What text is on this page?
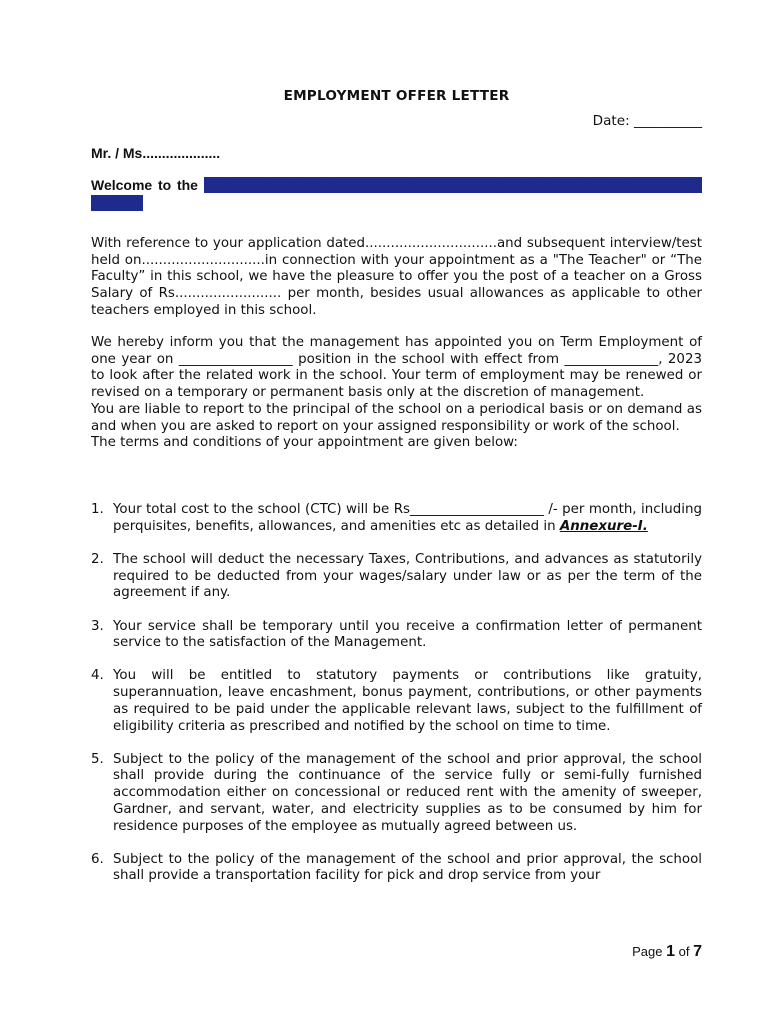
EMPLOYMENT OFFER LETTER
Date: __________
Mr. / Ms....................
Welcome to the International Academy of Scholars (IAS), Village Xxxxx, Xxxxx, Xxxxxxx, Uttar Pradesh

With reference to your application dated...............................and subsequent interview/test held on.............................in connection with your appointment as a "The Teacher" or “The Faculty” in this school, we have the pleasure to offer you the post of a teacher on a Gross Salary of Rs......................... per month, besides usual allowances as applicable to other teachers employed in this school.

We hereby inform you that the management has appointed you on Term Employment of one year on _________________ position in the school with effect from ______________, 2023 to look after the related work in the school. Your term of employment may be renewed or revised on a temporary or permanent basis only at the discretion of management.

You are liable to report to the principal of the school on a periodical basis or on demand as and when you are asked to report on your assigned responsibility or work of the school.

The terms and conditions of your appointment are given below:

1. Your total cost to the school (CTC) will be Rs____________________ /- per month, including perquisites, benefits, allowances, and amenities etc as detailed in Annexure-I.
2. The school will deduct the necessary Taxes, Contributions, and advances as statutorily required to be deducted from your wages/salary under law or as per the term of the agreement if any.
3. Your service shall be temporary until you receive a confirmation letter of permanent service to the satisfaction of the Management.
4. You will be entitled to statutory payments or contributions like gratuity, superannuation, leave encashment, bonus payment, contributions, or other payments as required to be paid under the applicable relevant laws, subject to the fulfillment of eligibility criteria as prescribed and notified by the school on time to time.
5. Subject to the policy of the management of the school and prior approval, the school shall provide during the continuance of the service fully or semi-fully furnished accommodation either on concessional or reduced rent with the amenity of sweeper, Gardner, and servant, water, and electricity supplies as to be consumed by him for residence purposes of the employee as mutually agreed between us.
6. Subject to the policy of the management of the school and prior approval, the school shall provide a transportation facility for pick and drop service from your
Page 1 of 7
